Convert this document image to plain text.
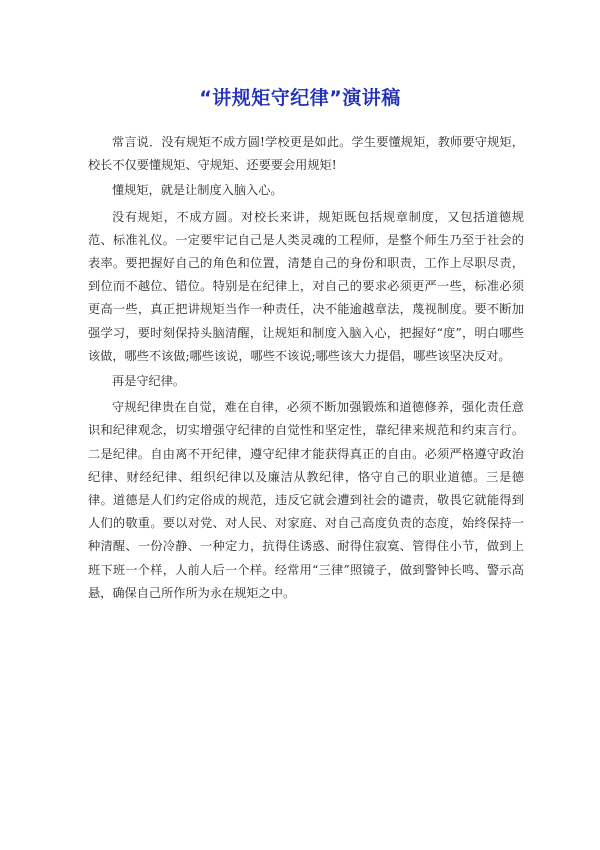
“讲规矩守纪律”演讲稿

常言说．没有规矩不成方圆!学校更是如此。学生要懂规矩，教师要守规矩，校长不仅要懂规矩、守规矩、还要要会用规矩!

懂规矩，就是让制度入脑入心。

没有规矩，不成方圆。对校长来讲，规矩既包括规章制度，又包括道德规范、标准礼仪。一定要牢记自己是人类灵魂的工程师，是整个师生乃至于社会的表率。要把握好自己的角色和位置，清楚自己的身份和职责，工作上尽职尽责，到位而不越位、错位。特别是在纪律上，对自己的要求必须更严一些，标准必须更高一些，真正把讲规矩当作一种责任，决不能逾越章法，蔑视制度。要不断加强学习，要时刻保持头脑清醒，让规矩和制度入脑入心，把握好“度”，明白哪些该做，哪些不该做;哪些该说，哪些不该说;哪些该大力提倡，哪些该坚决反对。

再是守纪律。

守规纪律贵在自觉，难在自律，必须不断加强锻炼和道德修养，强化责任意识和纪律观念，切实增强守纪律的自觉性和坚定性，靠纪律来规范和约束言行。二是纪律。自由离不开纪律，遵守纪律才能获得真正的自由。必须严格遵守政治纪律、财经纪律、组织纪律以及廉洁从教纪律，恪守自己的职业道德。三是德律。道德是人们约定俗成的规范，违反它就会遭到社会的谴责，敬畏它就能得到人们的敬重。要以对党、对人民、对家庭、对自己高度负责的态度，始终保持一种清醒、一份冷静、一种定力，抗得住诱惑、耐得住寂寞、管得住小节，做到上班下班一个样，人前人后一个样。经常用“三律”照镜子，做到警钟长鸣、警示高悬，确保自己所作所为永在规矩之中。
